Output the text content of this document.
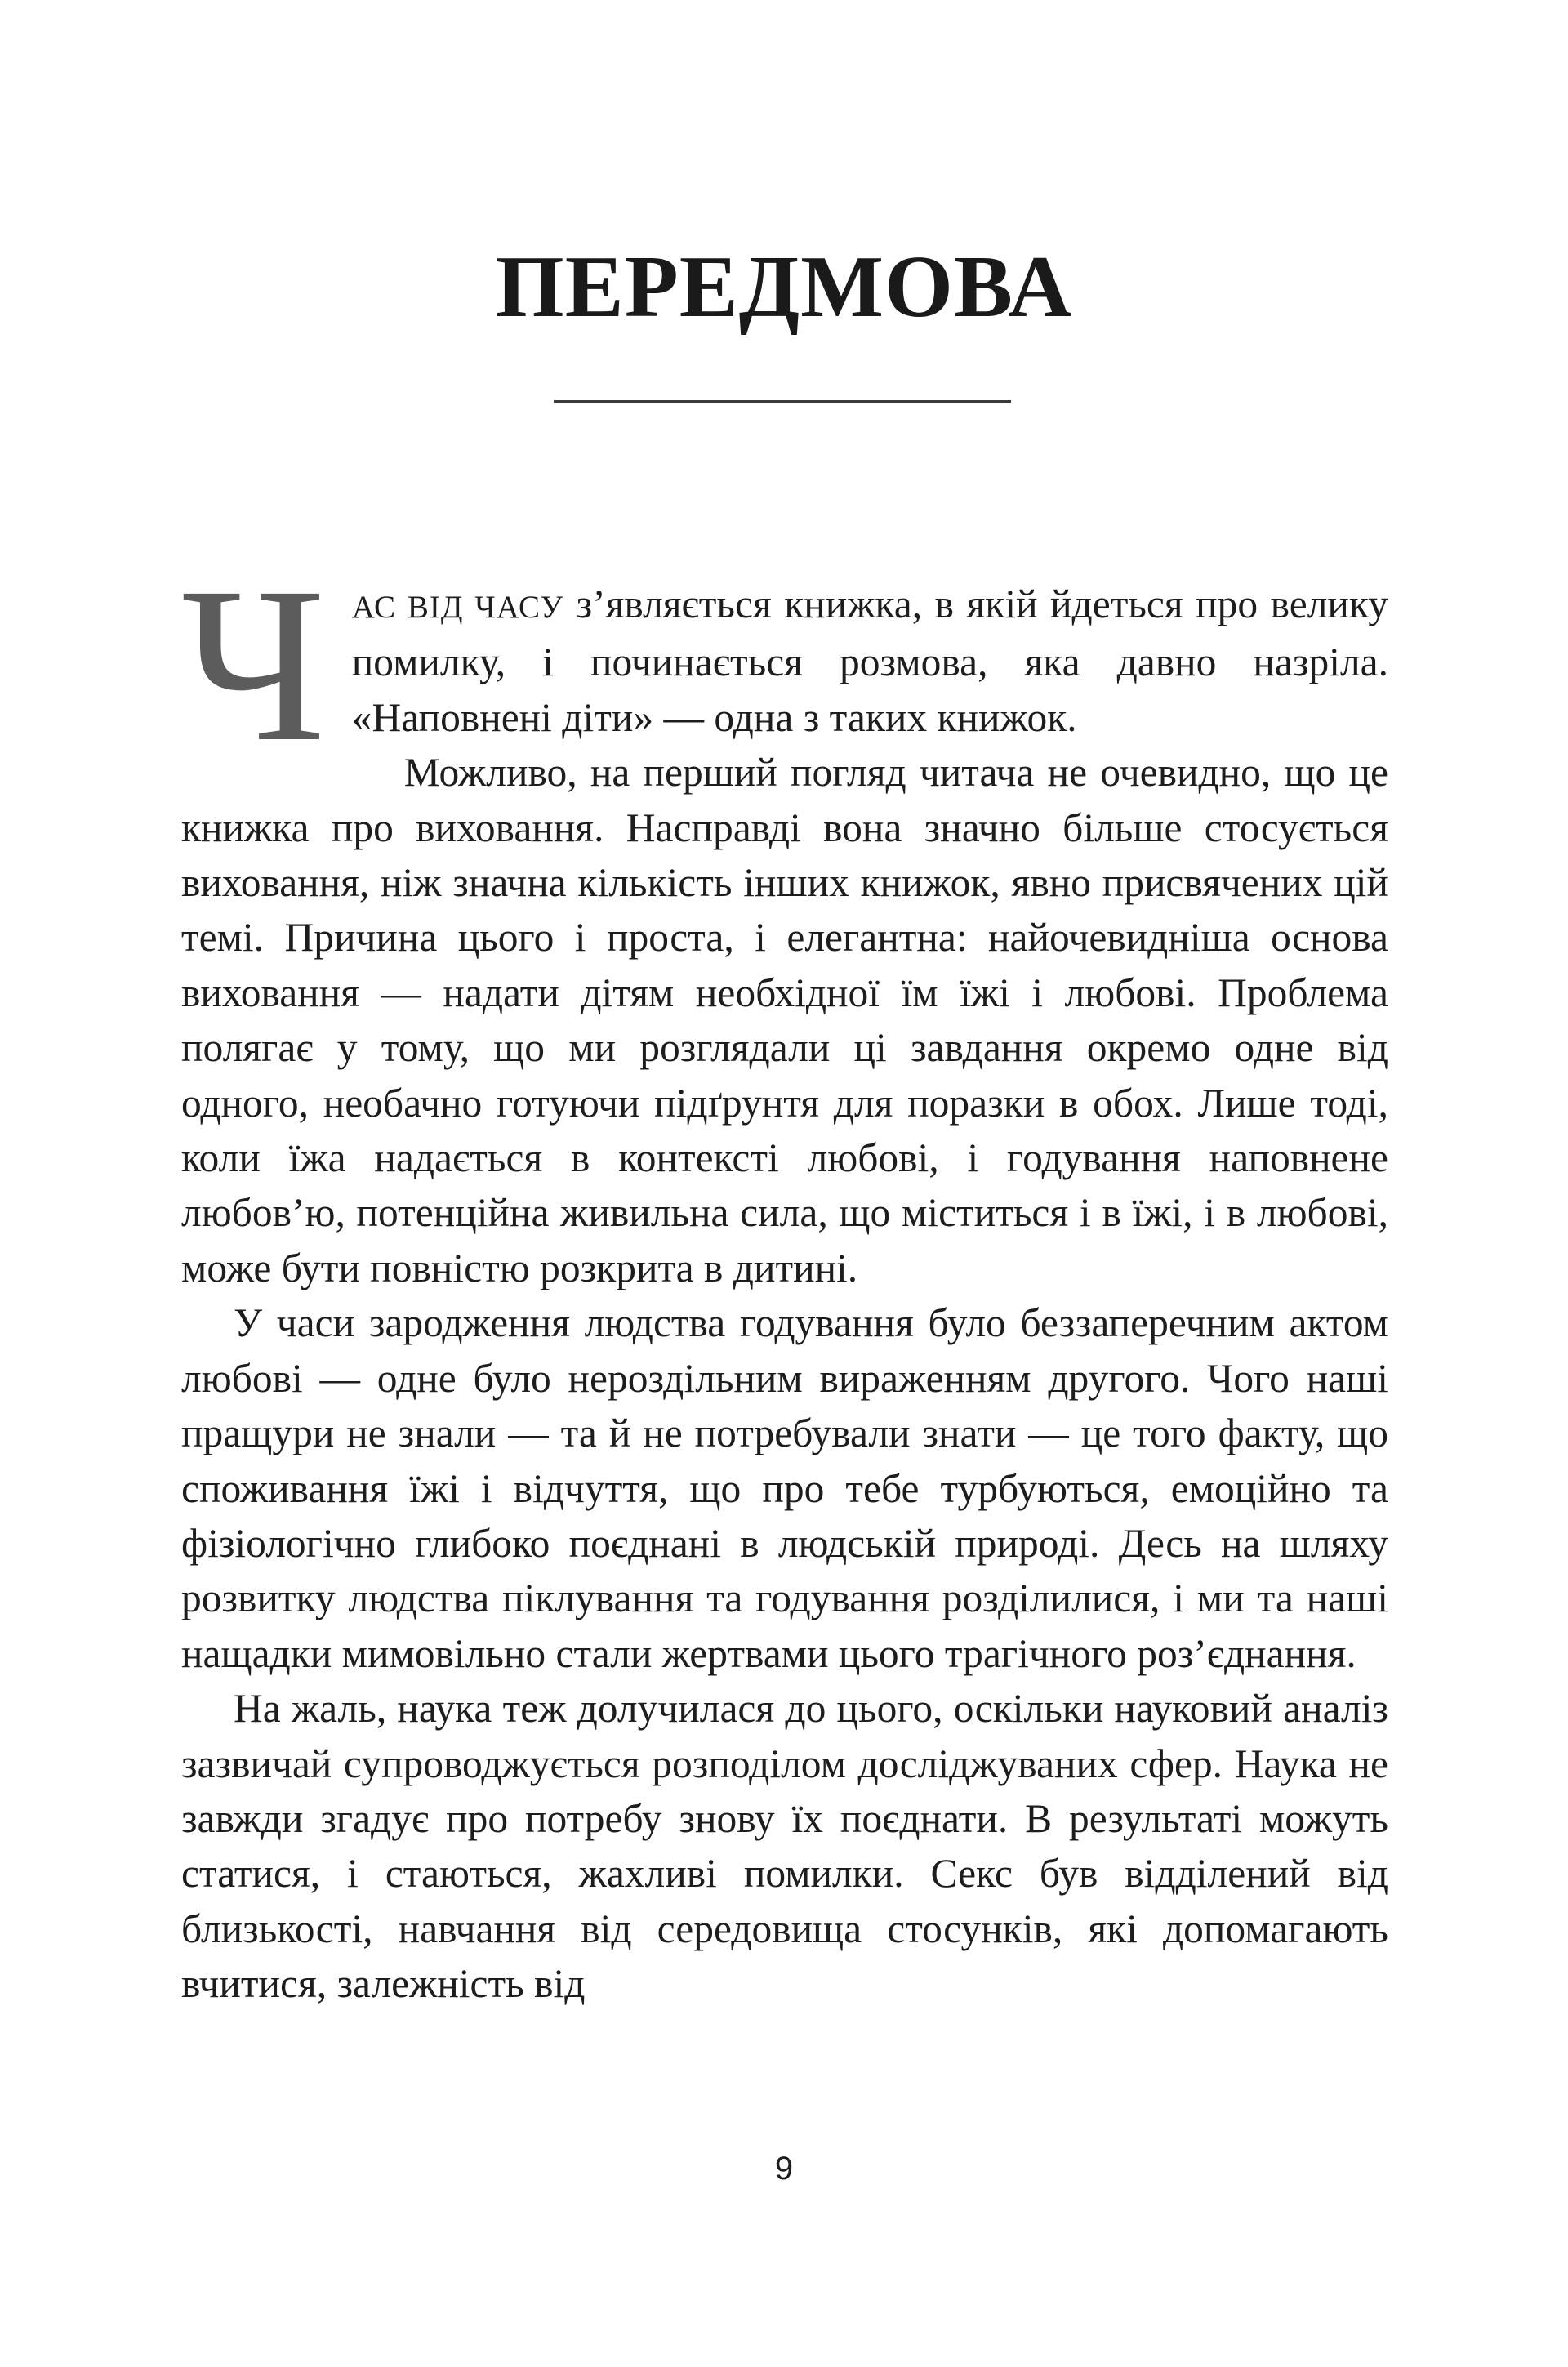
ПЕРЕДМОВА

ЧАС ВІД ЧАСУ з’являється книжка, в якій йдеться про велику помилку, і починається розмова, яка давно назріла. «Наповнені діти» — одна з таких книжок.

Можливо, на перший погляд читача не очевидно, що це книжка про виховання. Насправді вона значно більше стосується виховання, ніж значна кількість інших книжок, явно присвячених цій темі. Причина цього і проста, і елегантна: найочевидніша основа виховання — надати дітям необхідної їм їжі і любові. Проблема полягає у тому, що ми розглядали ці завдання окремо одне від одного, необачно готуючи підґрунтя для поразки в обох. Лише тоді, коли їжа надається в контексті любові, і годування наповнене любов’ю, потенційна живильна сила, що міститься і в їжі, і в любові, може бути повністю розкрита в дитині.

У часи зародження людства годування було беззаперечним актом любові — одне було нероздільним вираженням другого. Чого наші пращури не знали — та й не потребували знати — це того факту, що споживання їжі і відчуття, що про тебе турбуються, емоційно та фізіологічно глибоко поєднані в людській природі. Десь на шляху розвитку людства піклування та годування розділилися, і ми та наші нащадки мимовільно стали жертвами цього трагічного роз’єднання.

На жаль, наука теж долучилася до цього, оскільки науковий аналіз зазвичай супроводжується розподілом досліджуваних сфер. Наука не завжди згадує про потребу знову їх поєднати. В результаті можуть статися, і стаються, жахливі помилки. Секс був відділений від близькості, навчання від середовища стосунків, які допомагають вчитися, залежність від

9
